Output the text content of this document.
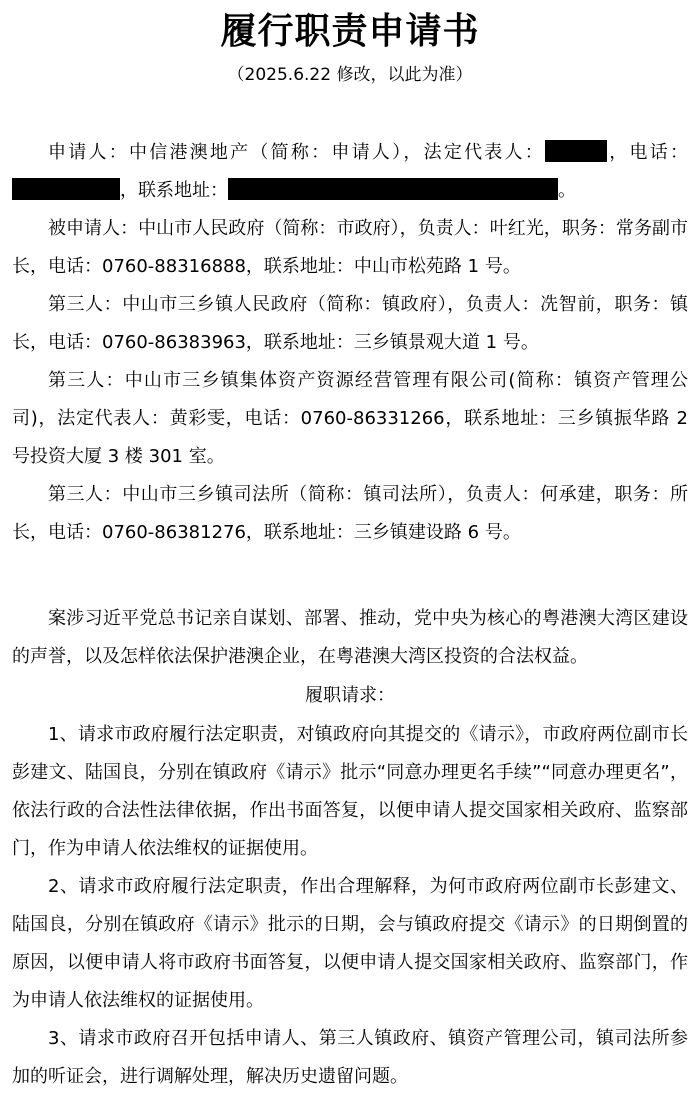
履行职责申请书
（2025.6.22 修改，以此为准）

申请人：中信港澳地产（简称：申请人），法定代表人：	，电话：，联系地址：	。

被申请人：中山市人民政府（简称：市政府），负责人：叶红光，职务：常务副市长，电话：0760-88316888，联系地址：中山市松苑路 1 号。

第三人：中山市三乡镇人民政府（简称：镇政府），负责人：冼智前，职务：镇长，电话：0760-86383963，联系地址：三乡镇景观大道 1 号。

第三人：中山市三乡镇集体资产资源经营管理有限公司(简称：镇资产管理公司)，法定代表人：黄彩雯，电话：0760-86331266，联系地址：三乡镇振华路 2 号投资大厦 3 楼 301 室。

第三人：中山市三乡镇司法所（简称：镇司法所），负责人：何承建，职务：所长，电话：0760-86381276，联系地址：三乡镇建设路 6 号。

案涉习近平党总书记亲自谋划、部署、推动，党中央为核心的粤港澳大湾区建设的声誉，以及怎样依法保护港澳企业，在粤港澳大湾区投资的合法权益。

履职请求：

1、请求市政府履行法定职责，对镇政府向其提交的《请示》，市政府两位副市长彭建文、陆国良，分别在镇政府《请示》批示“同意办理更名手续”“同意办理更名”，依法行政的合法性法律依据，作出书面答复，以便申请人提交国家相关政府、监察部门，作为申请人依法维权的证据使用。

2、请求市政府履行法定职责，作出合理解释，为何市政府两位副市长彭建文、陆国良，分别在镇政府《请示》批示的日期，会与镇政府提交《请示》的日期倒置的原因，以便申请人将市政府书面答复，以便申请人提交国家相关政府、监察部门，作为申请人依法维权的证据使用。

3、请求市政府召开包括申请人、第三人镇政府、镇资产管理公司，镇司法所参加的听证会，进行调解处理，解决历史遗留问题。
